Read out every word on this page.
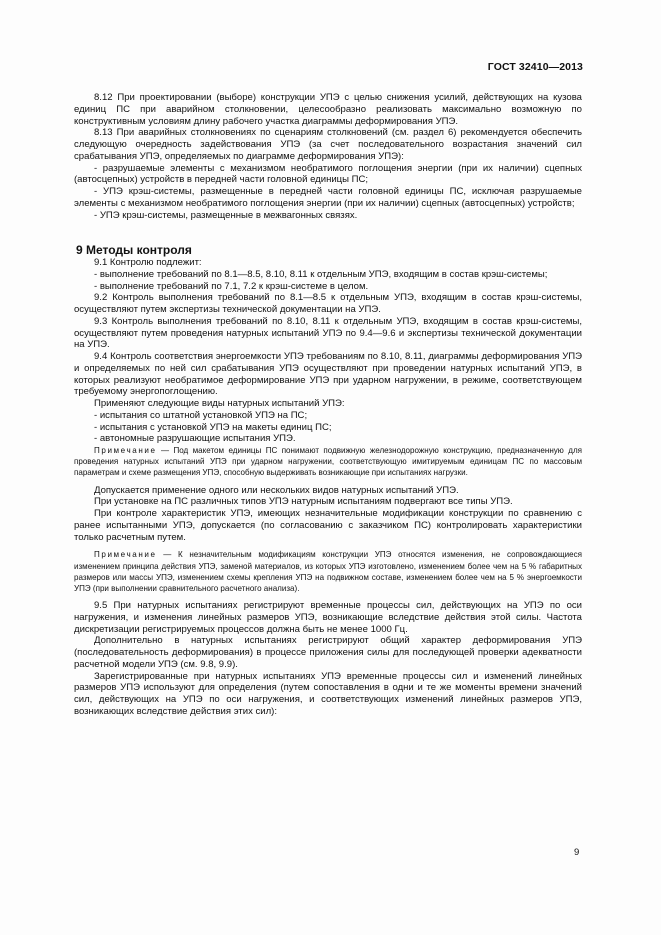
ГОСТ 32410—2013

8.12 При проектировании (выборе) конструкции УПЭ с целью снижения усилий, действующих на кузова единиц ПС при аварийном столкновении, целесообразно реализовать максимально возможную по конструктивным условиям длину рабочего участка диаграммы деформирования УПЭ.

8.13 При аварийных столкновениях по сценариям столкновений (см. раздел 6) рекомендуется обеспечить следующую очередность задействования УПЭ (за счет последовательного возрастания значений сил срабатывания УПЭ, определяемых по диаграмме деформирования УПЭ):

- разрушаемые элементы с механизмом необратимого поглощения энергии (при их наличии) сцепных (автосцепных) устройств в передней части головной единицы ПС;

- УПЭ крэш-системы, размещенные в передней части головной единицы ПС, исключая разрушаемые элементы с механизмом необратимого поглощения энергии (при их наличии) сцепных (автосцепных) устройств;

- УПЭ крэш-системы, размещенные в межвагонных связях.

9 Методы контроля

9.1 Контролю подлежит:

- выполнение требований по 8.1—8.5, 8.10, 8.11 к отдельным УПЭ, входящим в состав крэш-системы;

- выполнение требований по 7.1, 7.2 к крэш-системе в целом.

9.2 Контроль выполнения требований по 8.1—8.5 к отдельным УПЭ, входящим в состав крэш-системы, осуществляют путем экспертизы технической документации на УПЭ.

9.3 Контроль выполнения требований по 8.10, 8.11 к отдельным УПЭ, входящим в состав крэш-системы, осуществляют путем проведения натурных испытаний УПЭ по 9.4—9.6 и экспертизы технической документации на УПЭ.

9.4 Контроль соответствия энергоемкости УПЭ требованиям по 8.10, 8.11, диаграммы деформирования УПЭ и определяемых по ней сил срабатывания УПЭ осуществляют при проведении натурных испытаний УПЭ, в которых реализуют необратимое деформирование УПЭ при ударном нагружении, в режиме, соответствующем требуемому энергопоглощению.

Применяют следующие виды натурных испытаний УПЭ:

- испытания со штатной установкой УПЭ на ПС;

- испытания с установкой УПЭ на макеты единиц ПС;

- автономные разрушающие испытания УПЭ.

Примечание — Под макетом единицы ПС понимают подвижную железнодорожную конструкцию, предназначенную для проведения натурных испытаний УПЭ при ударном нагружении, соответствующую имитируемым единицам ПС по массовым параметрам и схеме размещения УПЭ, способную выдерживать возникающие при испытаниях нагрузки.

Допускается применение одного или нескольких видов натурных испытаний УПЭ.

При установке на ПС различных типов УПЭ натурным испытаниям подвергают все типы УПЭ.

При контроле характеристик УПЭ, имеющих незначительные модификации конструкции по сравнению с ранее испытанными УПЭ, допускается (по согласованию с заказчиком ПС) контролировать характеристики только расчетным путем.

Примечание — К незначительным модификациям конструкции УПЭ относятся изменения, не сопровождающиеся изменением принципа действия УПЭ, заменой материалов, из которых УПЭ изготовлено, изменением более чем на 5 % габаритных размеров или массы УПЭ, изменением схемы крепления УПЭ на подвижном составе, изменением более чем на 5 % энергоемкости УПЭ (при выполнении сравнительного расчетного анализа).

9.5 При натурных испытаниях регистрируют временные процессы сил, действующих на УПЭ по оси нагружения, и изменения линейных размеров УПЭ, возникающие вследствие действия этой силы. Частота дискретизации регистрируемых процессов должна быть не менее 1000 Гц.

Дополнительно в натурных испытаниях регистрируют общий характер деформирования УПЭ (последовательность деформирования) в процессе приложения силы для последующей проверки адекватности расчетной модели УПЭ (см. 9.8, 9.9).

Зарегистрированные при натурных испытаниях УПЭ временные процессы сил и изменений линейных размеров УПЭ используют для определения (путем сопоставления в одни и те же моменты времени значений сил, действующих на УПЭ по оси нагружения, и соответствующих изменений линейных размеров УПЭ, возникающих вследствие действия этих сил):

9
